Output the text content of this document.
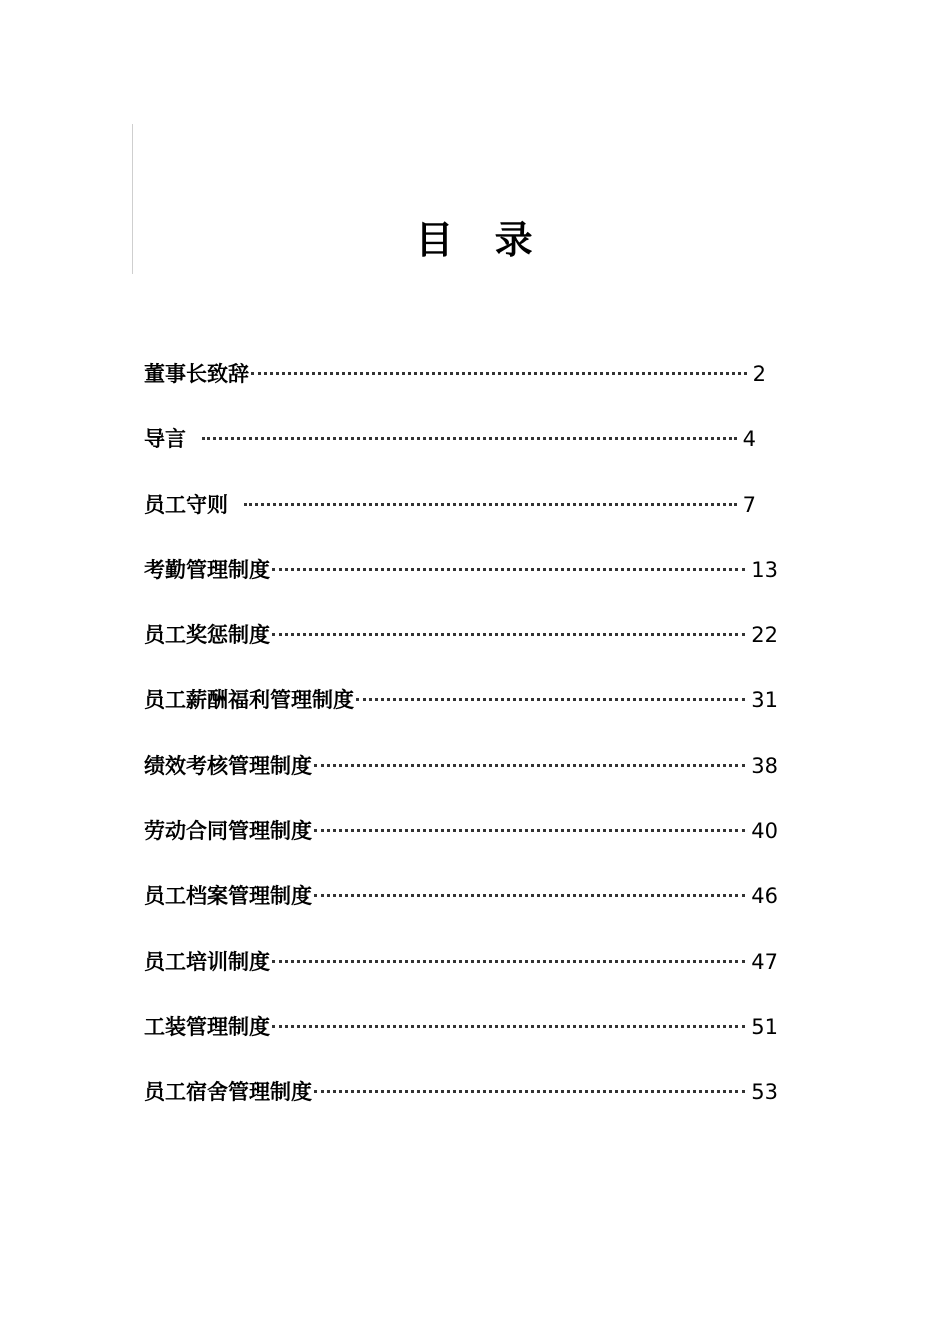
目 录
董事长致辞	2
导言	4
员工守则	7
考勤管理制度	13
员工奖惩制度	22
员工薪酬福利管理制度	31
绩效考核管理制度	38
劳动合同管理制度	40
员工档案管理制度	46
员工培训制度	47
工装管理制度	51
员工宿舍管理制度	53
